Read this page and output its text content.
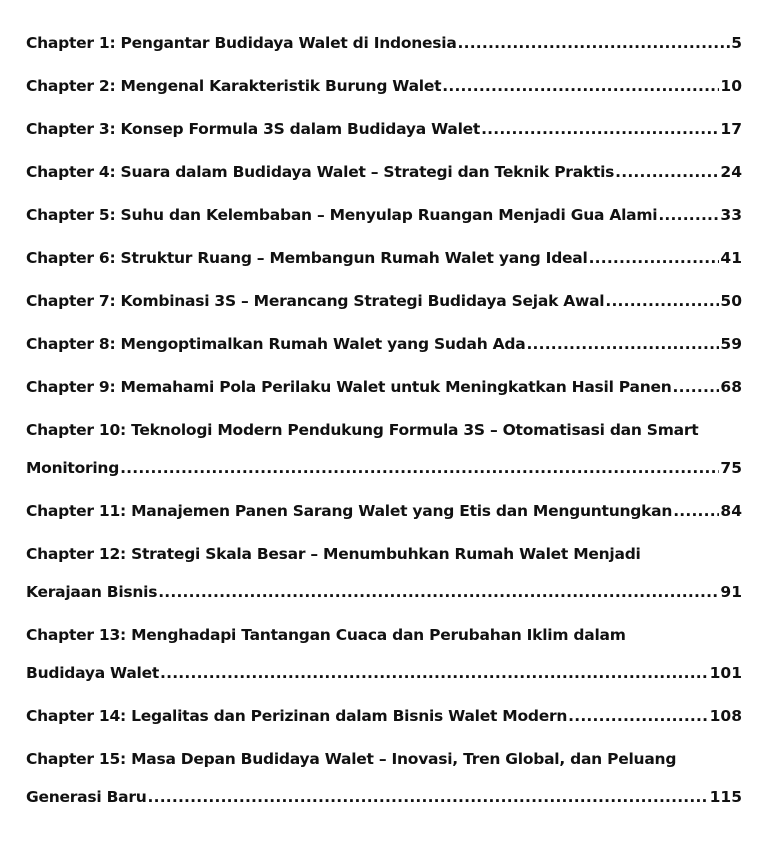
Chapter 1: Pengantar Budidaya Walet di Indonesia .....	5
Chapter 2: Mengenal Karakteristik Burung Walet .....	10
Chapter 3: Konsep Formula 3S dalam Budidaya Walet .....	17
Chapter 4: Suara dalam Budidaya Walet – Strategi dan Teknik Praktis .....	24
Chapter 5: Suhu dan Kelembaban – Menyulap Ruangan Menjadi Gua Alami .....	33
Chapter 6: Struktur Ruang – Membangun Rumah Walet yang Ideal .....	41
Chapter 7: Kombinasi 3S – Merancang Strategi Budidaya Sejak Awal .....	50
Chapter 8: Mengoptimalkan Rumah Walet yang Sudah Ada .....	59
Chapter 9: Memahami Pola Perilaku Walet untuk Meningkatkan Hasil Panen .....	68
Chapter 10: Teknologi Modern Pendukung Formula 3S – Otomatisasi dan Smart
Monitoring .....	75
Chapter 11: Manajemen Panen Sarang Walet yang Etis dan Menguntungkan .....	84
Chapter 12: Strategi Skala Besar – Menumbuhkan Rumah Walet Menjadi
Kerajaan Bisnis .....	91
Chapter 13: Menghadapi Tantangan Cuaca dan Perubahan Iklim dalam
Budidaya Walet .....	101
Chapter 14: Legalitas dan Perizinan dalam Bisnis Walet Modern .....	108
Chapter 15: Masa Depan Budidaya Walet – Inovasi, Tren Global, dan Peluang
Generasi Baru .....	115
